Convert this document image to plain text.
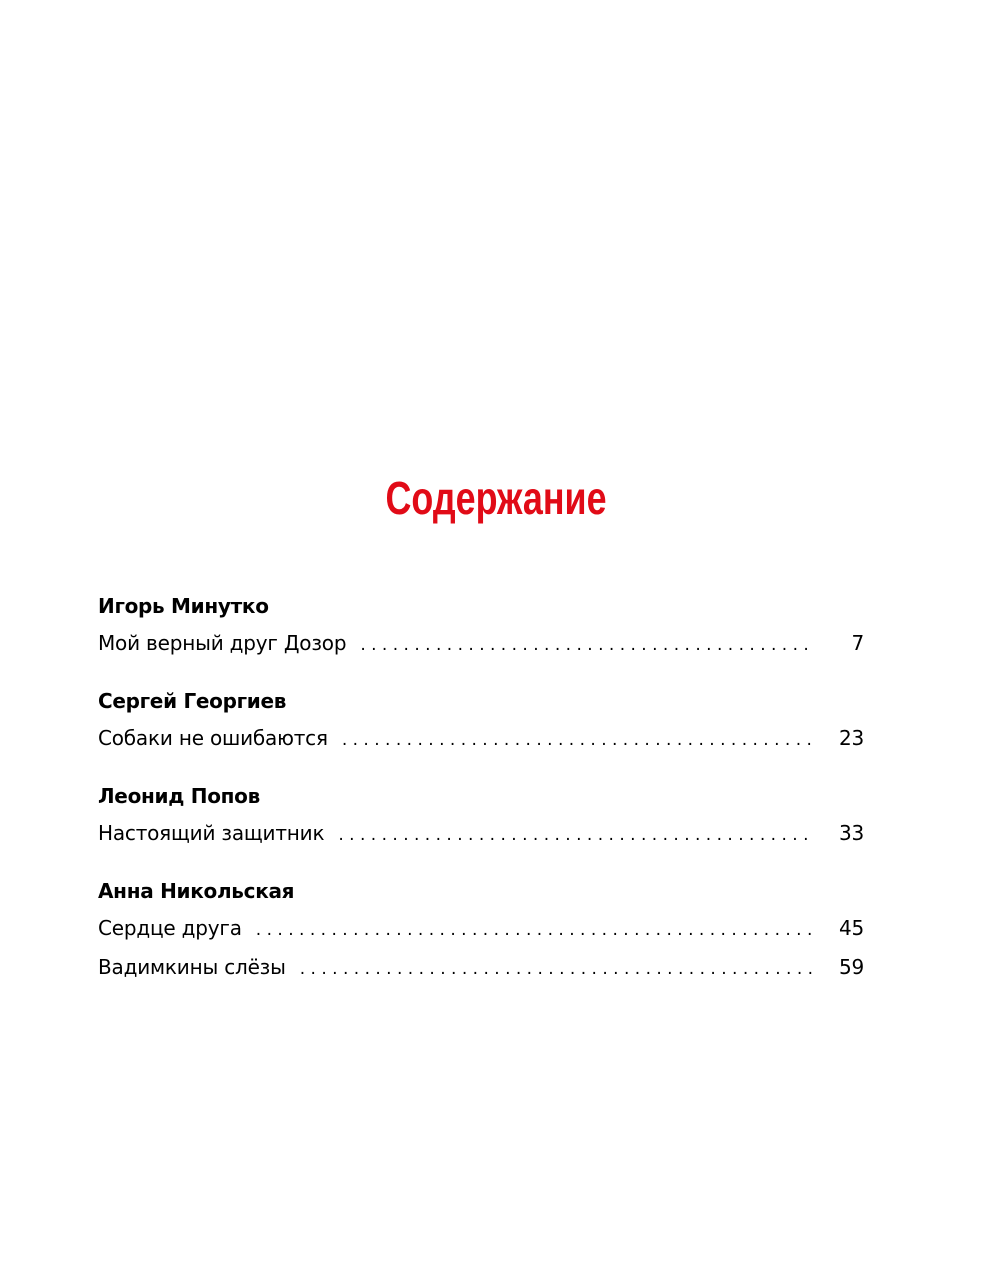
Содержание
Игорь Минутко
Мой верный друг Дозор . . .	7
Сергей Георгиев
Собаки не ошибаются . . .	23
Леонид Попов
Настоящий защитник . . .	33
Анна Никольская
Сердце друга . . .	45
Вадимкины слёзы . . .	59
